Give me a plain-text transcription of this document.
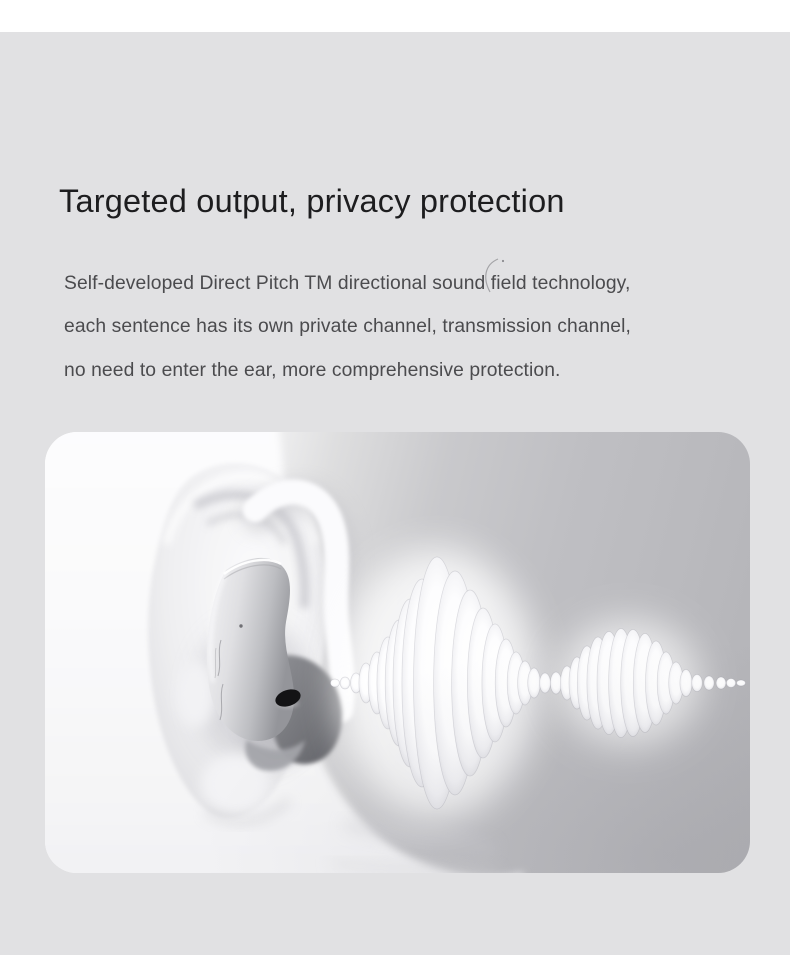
Targeted output, privacy protection
Self-developed Direct Pitch TM directional sound field technology,
each sentence has its own private channel, transmission channel,
no need to enter the ear, more comprehensive protection.
